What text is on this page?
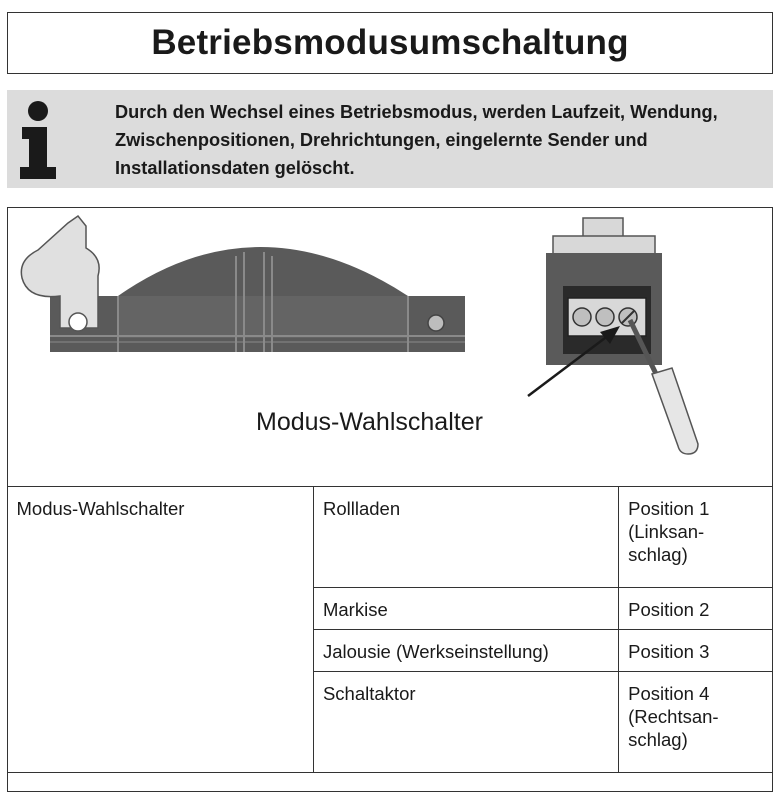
Betriebsmodusumschaltung
Durch den Wechsel eines Betriebsmodus, werden Laufzeit, Wendung, Zwischenpositionen, Drehrichtungen, eingelernte Sender und Installationsdaten gelöscht.
Modus-Wahlschalter
Modus-Wahlschalter	Rollladen	Position 1
(Linksan-
schlag)

	Markise	Position 2
	Jalousie (Werkseinstellung)	Position 3
	Schaltaktor	Position 4
(Rechtsan-
schlag)
